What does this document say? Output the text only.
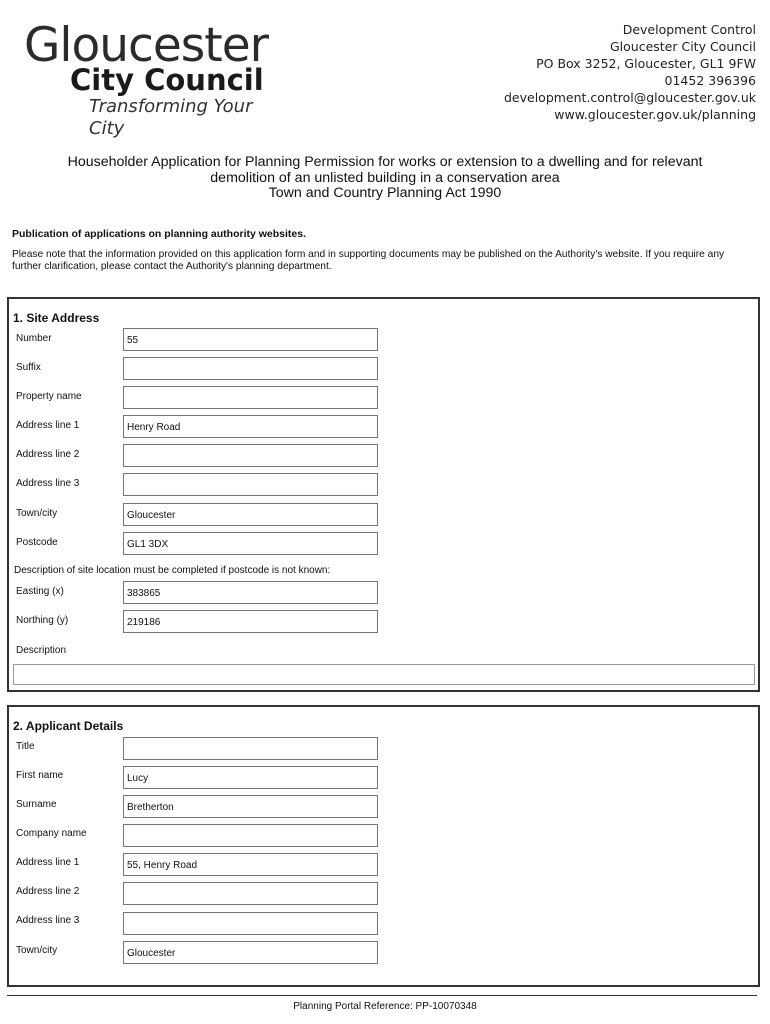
Gloucester
City Council
Transforming Your City
Development Control
Gloucester City Council
PO Box 3252, Gloucester, GL1 9FW
01452 396396
development.control@gloucester.gov.uk
www.gloucester.gov.uk/planning
Householder Application for Planning Permission for works or extension to a dwelling and for relevant
demolition of an unlisted building in a conservation area
Town and Country Planning Act 1990
Publication of applications on planning authority websites.
Please note that the information provided on this application form and in supporting documents may be published on the Authority's website. If you require any further clarification, please contact the Authority's planning department.
1. Site Address
Number	55
Suffix
Property name
Address line 1	Henry Road
Address line 2
Address line 3
Town/city	Gloucester
Postcode	GL1 3DX
Description of site location must be completed if postcode is not known:
Easting (x)	383865
Northing (y)	219186
Description
2. Applicant Details
Title
First name	Lucy
Surname	Bretherton
Company name
Address line 1	55, Henry Road
Address line 2
Address line 3
Town/city	Gloucester
Planning Portal Reference: PP-10070348
